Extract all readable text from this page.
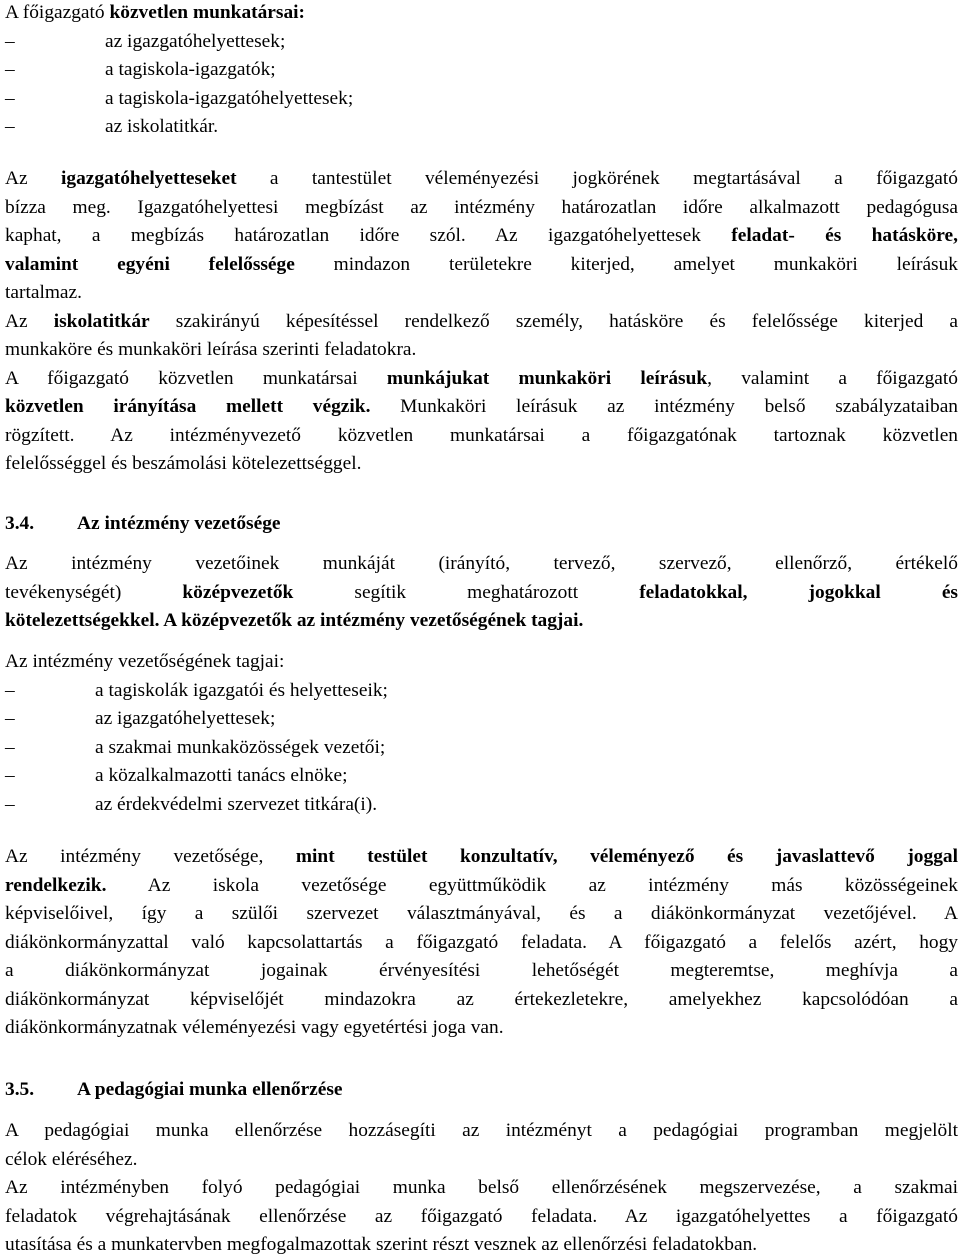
A főigazgató közvetlen munkatársai:
–	az igazgatóhelyettesek;
–	a tagiskola-igazgatók;
–	a tagiskola-igazgatóhelyettesek;
–	az iskolatitkár.
Az igazgatóhelyetteseket a tantestület véleményezési jogkörének megtartásával a főigazgató
bízza meg. Igazgatóhelyettesi megbízást az intézmény határozatlan időre alkalmazott pedagógusa
kaphat, a megbízás határozatlan időre szól. Az igazgatóhelyettesek feladat- és hatásköre,
valamint egyéni felelőssége mindazon területekre kiterjed, amelyet munkaköri leírásuk
tartalmaz.
Az iskolatitkár szakirányú képesítéssel rendelkező személy, hatásköre és felelőssége kiterjed a
munkaköre és munkaköri leírása szerinti feladatokra.
A főigazgató közvetlen munkatársai munkájukat munkaköri leírásuk, valamint a főigazgató
közvetlen irányítása mellett végzik. Munkaköri leírásuk az intézmény belső szabályzataiban
rögzített. Az intézményvezető közvetlen munkatársai a főigazgatónak tartoznak közvetlen
felelősséggel és beszámolási kötelezettséggel.
3.4. Az intézmény vezetősége
Az intézmény vezetőinek munkáját (irányító, tervező, szervező, ellenőrző, értékelő
tevékenységét) középvezetők segítik meghatározott feladatokkal, jogokkal és
kötelezettségekkel. A középvezetők az intézmény vezetőségének tagjai.
Az intézmény vezetőségének tagjai:
–	a tagiskolák igazgatói és helyetteseik;
–	az igazgatóhelyettesek;
–	a szakmai munkaközösségek vezetői;
–	a közalkalmazotti tanács elnöke;
–	az érdekvédelmi szervezet titkára(i).
Az intézmény vezetősége, mint testület konzultatív, véleményező és javaslattevő joggal
rendelkezik. Az iskola vezetősége együttműködik az intézmény más közösségeinek
képviselőivel, így a szülői szervezet választmányával, és a diákönkormányzat vezetőjével. A
diákönkormányzattal való kapcsolattartás a főigazgató feladata. A főigazgató a felelős azért, hogy
a diákönkormányzat jogainak érvényesítési lehetőségét megteremtse, meghívja a
diákönkormányzat képviselőjét mindazokra az értekezletekre, amelyekhez kapcsolódóan a
diákönkormányzatnak véleményezési vagy egyetértési joga van.
3.5. A pedagógiai munka ellenőrzése
A pedagógiai munka ellenőrzése hozzásegíti az intézményt a pedagógiai programban megjelölt
célok eléréséhez.
Az intézményben folyó pedagógiai munka belső ellenőrzésének megszervezése, a szakmai
feladatok végrehajtásának ellenőrzése az főigazgató feladata. Az igazgatóhelyettes a főigazgató
utasítása és a munkatervben megfogalmazottak szerint részt vesznek az ellenőrzési feladatokban.
